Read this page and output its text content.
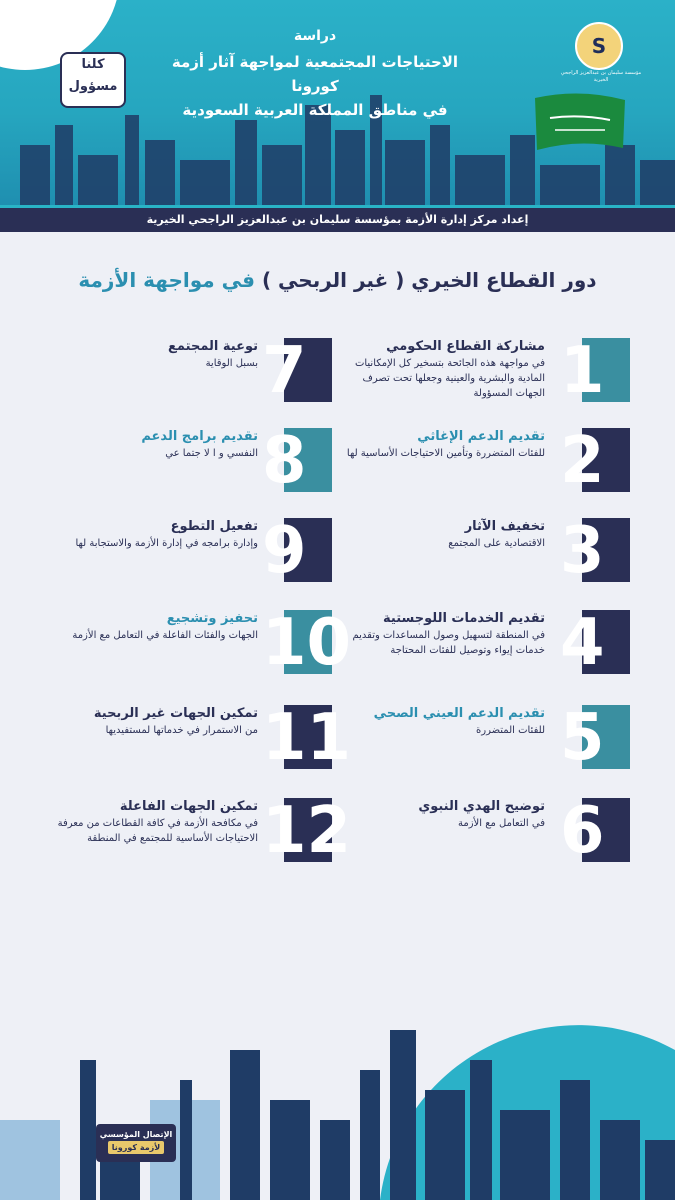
دراسة
الاحتياجات المجتمعية لمواجهة آثار أزمة كورونا
في مناطق المملكة العربية السعودية
كلنا
مسؤول
S
مؤسسة سليمان بن عبدالعزيز الراجحي الخيرية
إعداد مركز إدارة الأزمة بمؤسسة سليمان بن عبدالعزيز الراجحي الخيرية
دور القطاع الخيري ( غير الربحي ) في مواجهة الأزمة
مشاركة القطاع الحكومي
في مواجهة هذه الجائحة بتسخير كل الإمكانيات المادية والبشرية والعينية وجعلها تحت تصرف الجهات المسؤولة 1
تقديم الدعم الإغاثي
للفئات المتضررة وتأمين الاحتياجات الأساسية لها 2
تخفيف الآثار
الاقتصادية على المجتمع 3
تقديم الخدمات اللوجستية
في المنطقة لتسهيل وصول المساعدات وتقديم خدمات إيواء وتوصيل للفئات المحتاجة 4
تقديم الدعم العيني الصحي
للفئات المتضررة 5
توضيح الهدي النبوي
في التعامل مع الأزمة 6
توعية المجتمع
بسبل الوقاية 7
تقديم برامج الدعم
النفسي و ا لا جتما عي 8
تفعيل التطوع
وإدارة برامجه في إدارة الأزمة والاستجابة لها 9
تحفيز وتشجيع
الجهات والفئات الفاعلة في التعامل مع الأزمة 10
تمكين الجهات غير الربحية
من الاستمرار في خدماتها لمستفيديها 11
تمكين الجهات الفاعلة
في مكافحة الأزمة في كافة القطاعات من معرفة الاحتياجات الأساسية للمجتمع في المنطقة 12
الإتصال المؤسسي
لأزمة كورونا
